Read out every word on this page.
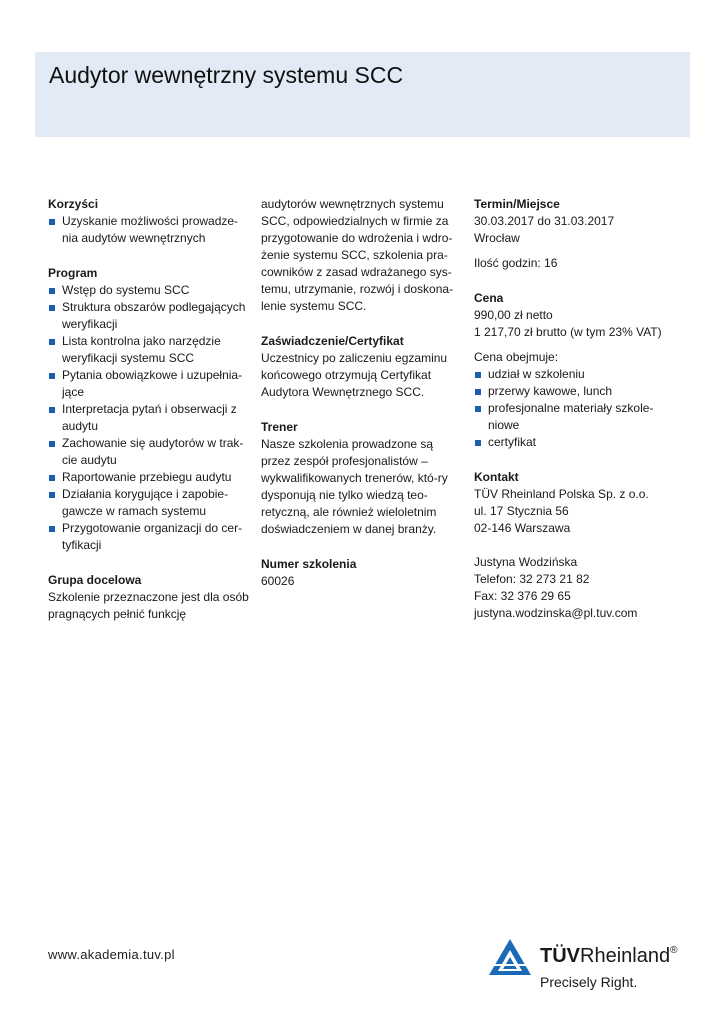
Audytor wewnętrzny systemu SCC
Korzyści
Uzyskanie możliwości prowadze-nia audytów wewnętrznych
Program
Wstęp do systemu SCC
Struktura obszarów podlegających weryfikacji
Lista kontrolna jako narzędzie weryfikacji systemu SCC
Pytania obowiązkowe i uzupełnia-jące
Interpretacja pytań i obserwacji z audytu
Zachowanie się audytorów w trak-cie audytu
Raportowanie przebiegu audytu
Działania korygujące i zapobie-gawcze w ramach systemu
Przygotowanie organizacji do cer-tyfikacji
Grupa docelowa

Szkolenie przeznaczone jest dla osób pragnących pełnić funkcję

audytorów wewnętrznych systemu SCC, odpowiedzialnych w firmie za przygotowanie do wdrożenia i wdro-żenie systemu SCC, szkolenia pra-cowników z zasad wdrażanego sys-temu, utrzymanie, rozwój i doskona-lenie systemu SCC.

Zaświadczenie/Certyfikat

Uczestnicy po zaliczeniu egzaminu końcowego otrzymują Certyfikat Audytora Wewnętrznego SCC.

Trener

Nasze szkolenia prowadzone są przez zespół profesjonalistów – wykwalifikowanych trenerów, któ-ry dysponują nie tylko wiedzą teo-retyczną, ale również wieloletnim doświadczeniem w danej branży.

Numer szkolenia

60026

Termin/Miejsce

30.03.2017 do 31.03.2017

Wrocław

Ilość godzin: 16

Cena

990,00 zł netto

1 217,70 zł brutto (w tym 23% VAT)

Cena obejmuje:

udział w szkoleniu
przerwy kawowe, lunch
profesjonalne materiały szkole-niowe
certyfikat
Kontakt

TÜV Rheinland Polska Sp. z o.o.

ul. 17 Stycznia 56

02-146 Warszawa

Justyna Wodzińska

Telefon: 32 273 21 82

Fax: 32 376 29 65

justyna.wodzinska@pl.tuv.com

www.akademia.tuv.pl	TÜVRheinland®
Precisely Right.
